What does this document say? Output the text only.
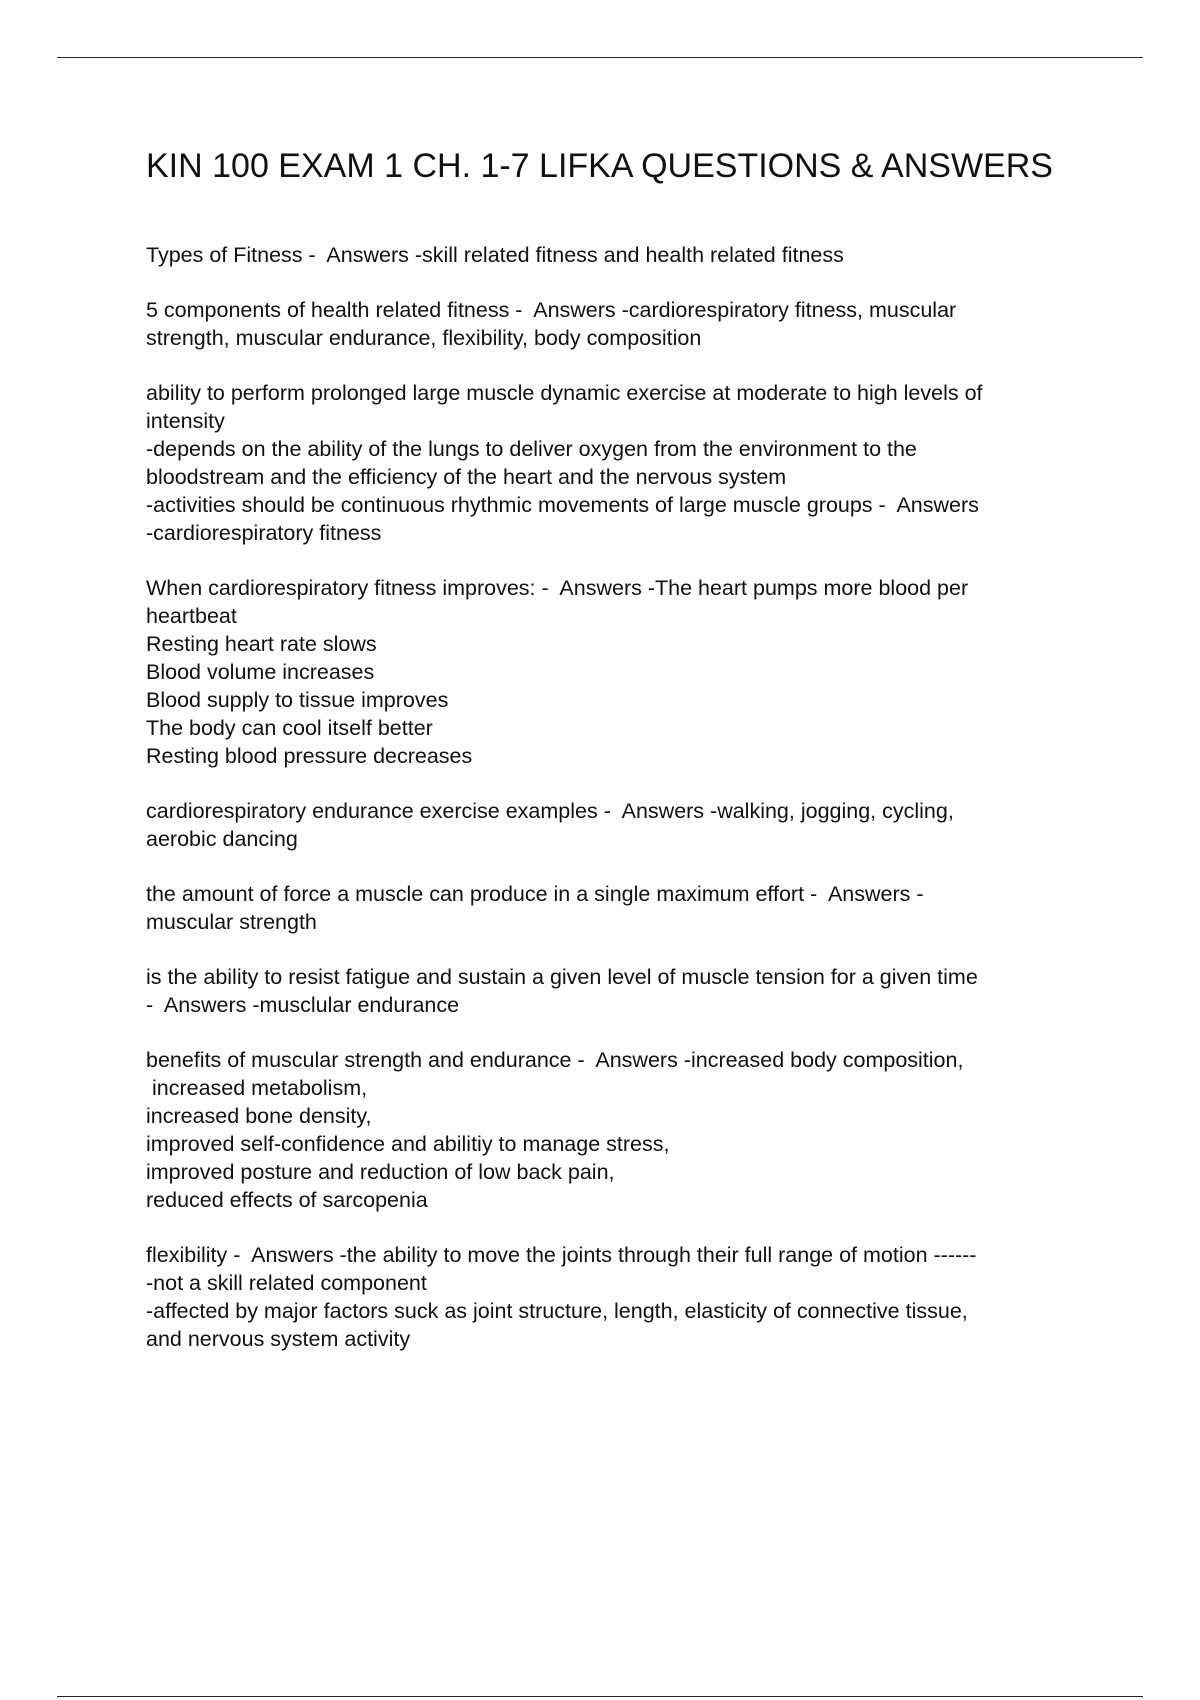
KIN 100 EXAM 1 CH. 1-7 LIFKA QUESTIONS & ANSWERS
Types of Fitness -  Answers -skill related fitness and health related fitness
5 components of health related fitness -  Answers -cardiorespiratory fitness, muscular
strength, muscular endurance, flexibility, body composition
ability to perform prolonged large muscle dynamic exercise at moderate to high levels of
intensity
-depends on the ability of the lungs to deliver oxygen from the environment to the
bloodstream and the efficiency of the heart and the nervous system
-activities should be continuous rhythmic movements of large muscle groups -  Answers
-cardiorespiratory fitness
When cardiorespiratory fitness improves: -  Answers -The heart pumps more blood per
heartbeat
Resting heart rate slows
Blood volume increases
Blood supply to tissue improves
The body can cool itself better
Resting blood pressure decreases
cardiorespiratory endurance exercise examples -  Answers -walking, jogging, cycling,
aerobic dancing
the amount of force a muscle can produce in a single maximum effort -  Answers -
muscular strength
is the ability to resist fatigue and sustain a given level of muscle tension for a given time
-  Answers -musclular endurance
benefits of muscular strength and endurance -  Answers -increased body composition,
increased metabolism,
increased bone density,
improved self-confidence and abilitiy to manage stress,
improved posture and reduction of low back pain,
reduced effects of sarcopenia
flexibility -  Answers -the ability to move the joints through their full range of motion ------
-not a skill related component
-affected by major factors suck as joint structure, length, elasticity of connective tissue,
and nervous system activity
